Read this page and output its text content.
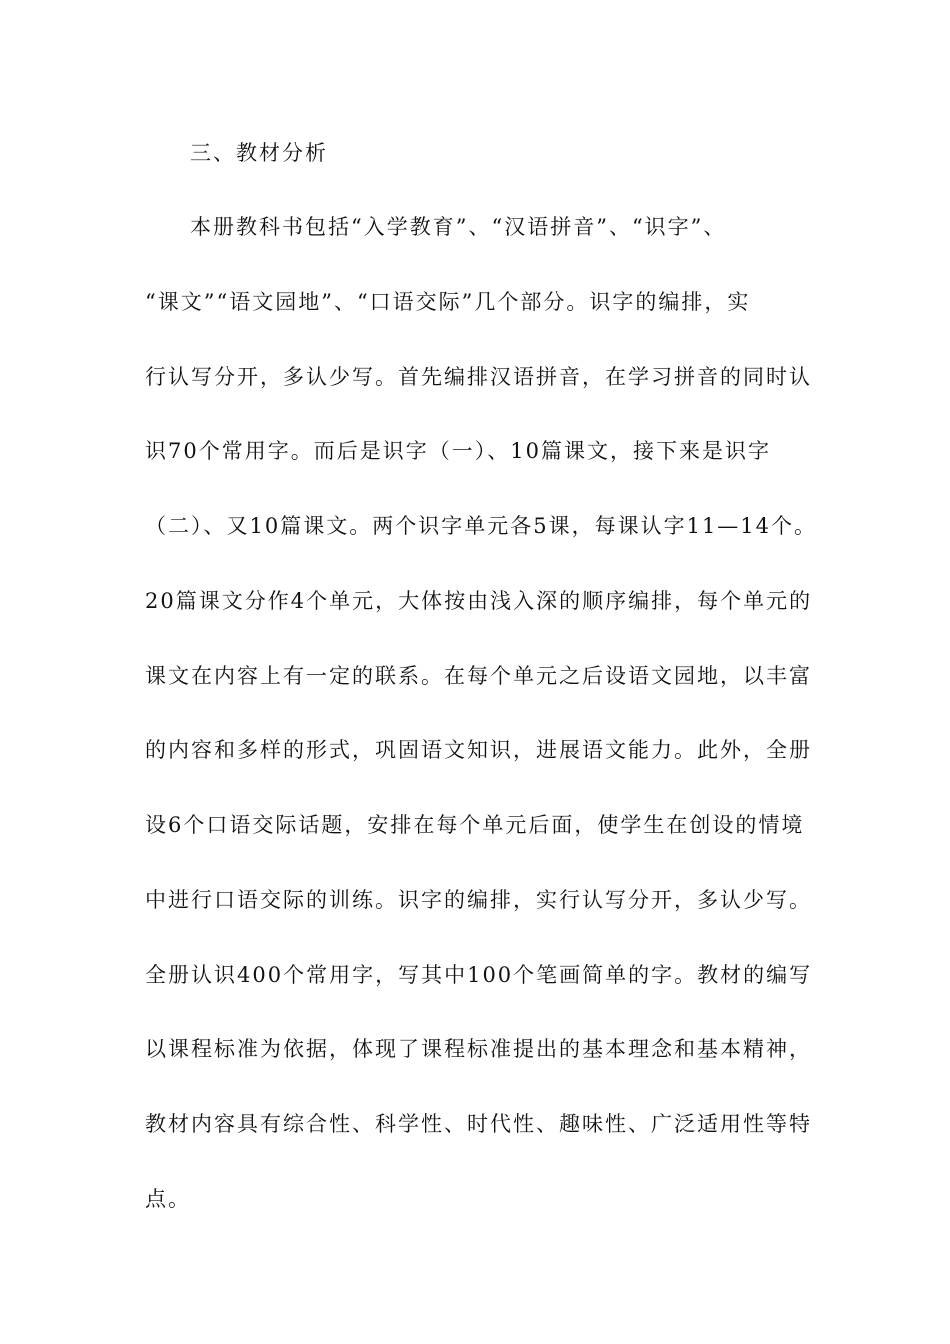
三、教材分析
本册教科书包括“入学教育”、“汉语拼音”、“识字”、
“课文”“语文园地”、“口语交际”几个部分。识字的编排，实
行认写分开，多认少写。首先编排汉语拼音，在学习拼音的同时认
识70个常用字。而后是识字（一）、10篇课文，接下来是识字
（二）、又10篇课文。两个识字单元各5课，每课认字11—14个。
20篇课文分作4个单元，大体按由浅入深的顺序编排，每个单元的
课文在内容上有一定的联系。在每个单元之后设语文园地，以丰富
的内容和多样的形式，巩固语文知识，进展语文能力。此外，全册
设6个口语交际话题，安排在每个单元后面，使学生在创设的情境
中进行口语交际的训练。识字的编排，实行认写分开，多认少写。
全册认识400个常用字，写其中100个笔画简单的字。教材的编写
以课程标准为依据，体现了课程标准提出的基本理念和基本精神，
教材内容具有综合性、科学性、时代性、趣味性、广泛适用性等特
点。
